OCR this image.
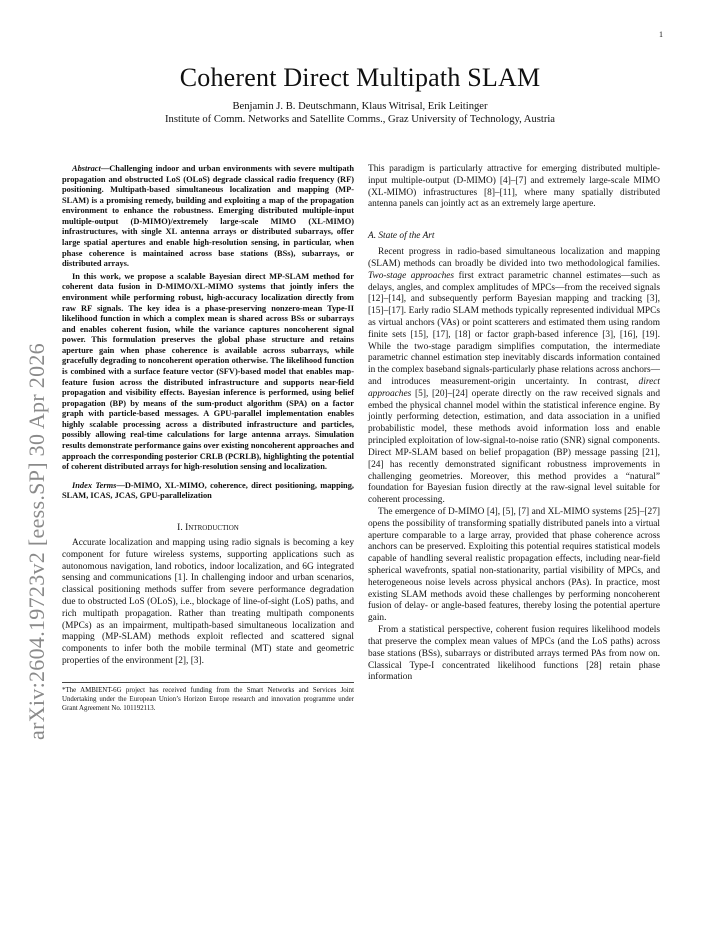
1
arXiv:2604.19723v2 [eess.SP] 30 Apr 2026
Coherent Direct Multipath SLAM
Benjamin J. B. Deutschmann, Klaus Witrisal, Erik Leitinger
Institute of Comm. Networks and Satellite Comms., Graz University of Technology, Austria

Abstract—Challenging indoor and urban environments with severe multipath propagation and obstructed LoS (OLoS) degrade classical radio frequency (RF) positioning. Multipath-based simultaneous localization and mapping (MP-SLAM) is a promising remedy, building and exploiting a map of the propagation environment to enhance the robustness. Emerging distributed multiple-input multiple-output (D-MIMO)/extremely large-scale MIMO (XL-MIMO) infrastructures, with single XL antenna arrays or distributed subarrays, offer large spatial apertures and enable high-resolution sensing, in particular, when phase coherence is maintained across base stations (BSs), subarrays, or distributed arrays.

In this work, we propose a scalable Bayesian direct MP-SLAM method for coherent data fusion in D-MIMO/XL-MIMO systems that jointly infers the environment while performing robust, high-accuracy localization directly from raw RF signals. The key idea is a phase-preserving nonzero-mean Type-II likelihood function in which a complex mean is shared across BSs or subarrays and enables coherent fusion, while the variance captures noncoherent signal power. This formulation preserves the global phase structure and retains aperture gain when phase coherence is available across subarrays, while gracefully degrading to noncoherent operation otherwise. The likelihood function is combined with a surface feature vector (SFV)-based model that enables map-feature fusion across the distributed infrastructure and supports near-field propagation and visibility effects. Bayesian inference is performed, using belief propagation (BP) by means of the sum-product algorithm (SPA) on a factor graph with particle-based messages. A GPU-parallel implementation enables highly scalable processing across a distributed infrastructure and particles, possibly allowing real-time calculations for large antenna arrays. Simulation results demonstrate performance gains over existing noncoherent approaches and approach the corresponding posterior CRLB (PCRLB), highlighting the potential of coherent distributed arrays for high-resolution sensing and localization.

Index Terms—D-MIMO, XL-MIMO, coherence, direct positioning, mapping, SLAM, ICAS, JCAS, GPU-parallelization

I. Introduction

Accurate localization and mapping using radio signals is becoming a key component for future wireless systems, supporting applications such as autonomous navigation, land robotics, indoor localization, and 6G integrated sensing and communications [1]. In challenging indoor and urban scenarios, classical positioning methods suffer from severe performance degradation due to obstructed LoS (OLoS), i.e., blockage of line-of-sight (LoS) paths, and rich multipath propagation. Rather than treating multipath components (MPCs) as an impairment, multipath-based simultaneous localization and mapping (MP-SLAM) methods exploit reflected and scattered signal components to infer both the mobile terminal (MT) state and geometric properties of the environment [2], [3].

*The AMBIENT-6G project has received funding from the Smart Networks and Services Joint Undertaking under the European Union’s Horizon Europe research and innovation programme under Grant Agreement No. 101192113.

This paradigm is particularly attractive for emerging distributed multiple-input multiple-output (D-MIMO) [4]–[7] and extremely large-scale MIMO (XL-MIMO) infrastructures [8]–[11], where many spatially distributed antenna panels can jointly act as an extremely large aperture.

A. State of the Art

Recent progress in radio-based simultaneous localization and mapping (SLAM) methods can broadly be divided into two methodological families. Two-stage approaches first extract parametric channel estimates—such as delays, angles, and complex amplitudes of MPCs—from the received signals [12]–[14], and subsequently perform Bayesian mapping and tracking [3], [15]–[17]. Early radio SLAM methods typically represented individual MPCs as virtual anchors (VAs) or point scatterers and estimated them using random finite sets [15], [17], [18] or factor graph-based inference [3], [16], [19]. While the two-stage paradigm simplifies computation, the intermediate parametric channel estimation step inevitably discards information contained in the complex baseband signals-particularly phase relations across anchors—and introduces measurement-origin uncertainty. In contrast, direct approaches [5], [20]–[24] operate directly on the raw received signals and embed the physical channel model within the statistical inference engine. By jointly performing detection, estimation, and data association in a unified probabilistic model, these methods avoid information loss and enable principled exploitation of low-signal-to-noise ratio (SNR) signal components. Direct MP-SLAM based on belief propagation (BP) message passing [21], [24] has recently demonstrated significant robustness improvements in challenging geometries. Moreover, this method provides a “natural” foundation for Bayesian fusion directly at the raw-signal level suitable for coherent processing.

The emergence of D-MIMO [4], [5], [7] and XL-MIMO systems [25]–[27] opens the possibility of transforming spatially distributed panels into a virtual aperture comparable to a large array, provided that phase coherence across anchors can be preserved. Exploiting this potential requires statistical models capable of handling several realistic propagation effects, including near-field spherical wavefronts, spatial non-stationarity, partial visibility of MPCs, and heterogeneous noise levels across physical anchors (PAs). In practice, most existing SLAM methods avoid these challenges by performing noncoherent fusion of delay- or angle-based features, thereby losing the potential aperture gain.

From a statistical perspective, coherent fusion requires likelihood models that preserve the complex mean values of MPCs (and the LoS paths) across base stations (BSs), subarrays or distributed arrays termed PAs from now on. Classical Type-I concentrated likelihood functions [28] retain phase information
